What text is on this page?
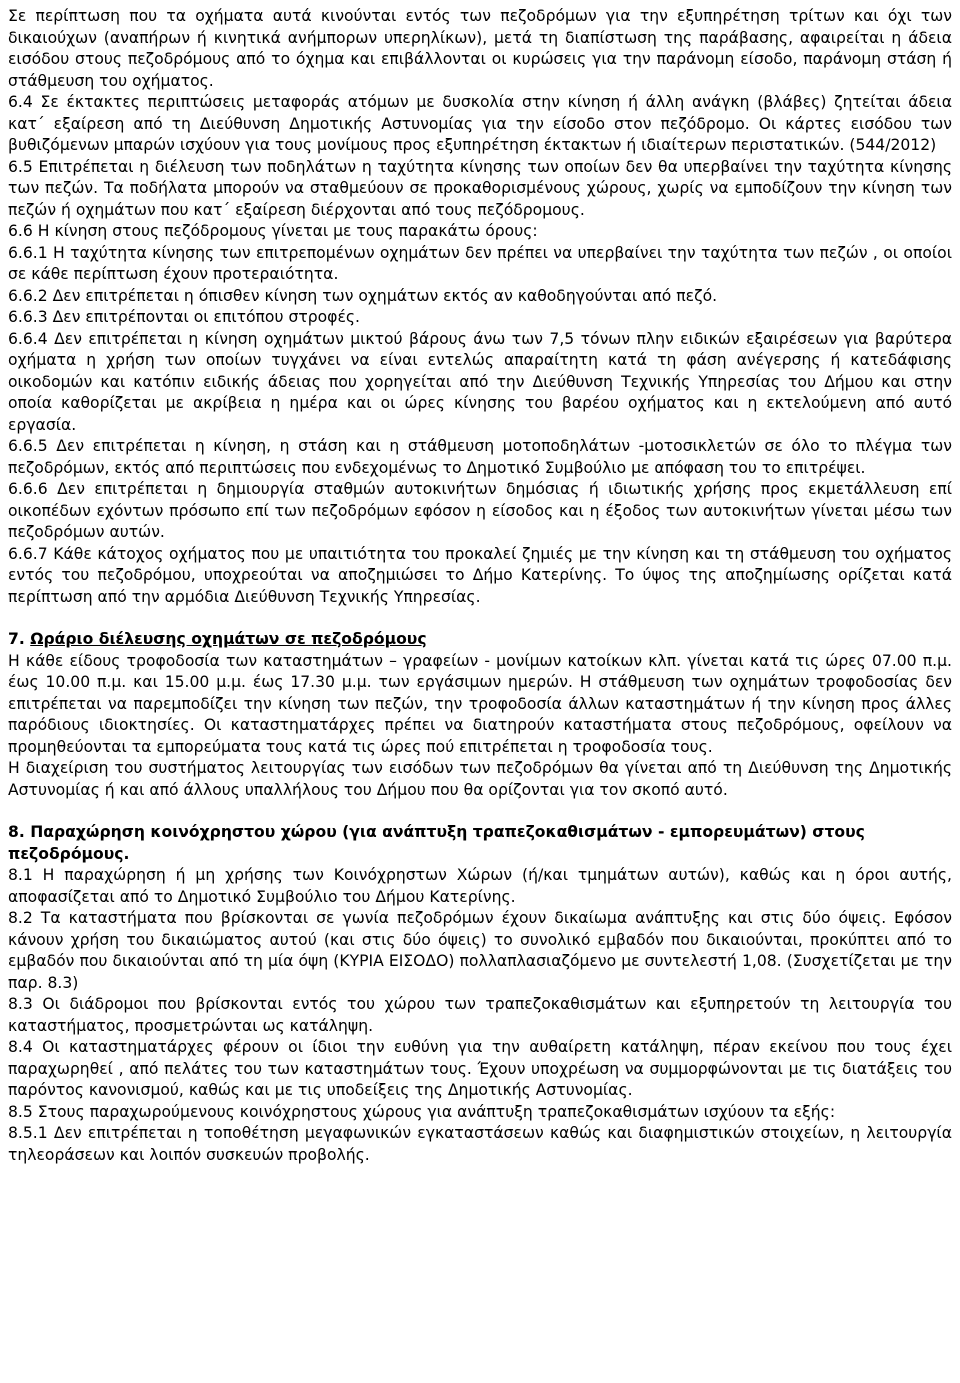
Σε περίπτωση που τα οχήματα αυτά κινούνται εντός των πεζοδρόμων για την εξυπηρέτηση τρίτων και όχι των δικαιούχων (αναπήρων ή κινητικά ανήμπορων υπερηλίκων), μετά τη διαπίστωση της παράβασης, αφαιρείται η άδεια εισόδου στους πεζοδρόμους από το όχημα και επιβάλλονται οι κυρώσεις για την παράνομη είσοδο, παράνομη στάση ή στάθμευση του οχήματος.

6.4 Σε έκτακτες περιπτώσεις μεταφοράς ατόμων με δυσκολία στην κίνηση ή άλλη ανάγκη (βλάβες) ζητείται άδεια κατ΄ εξαίρεση από τη Διεύθυνση Δημοτικής Αστυνομίας για την είσοδο στον πεζόδρομο. Οι κάρτες εισόδου των βυθιζόμενων μπαρών ισχύουν για τους μονίμους προς εξυπηρέτηση έκτακτων ή ιδιαίτερων περιστατικών. (544/2012)

6.5 Επιτρέπεται η διέλευση των ποδηλάτων η ταχύτητα κίνησης των οποίων δεν θα υπερβαίνει την ταχύτητα κίνησης των πεζών. Τα ποδήλατα μπορούν να σταθμεύουν σε προκαθορισμένους χώρους, χωρίς να εμποδίζουν την κίνηση των πεζών ή οχημάτων που κατ΄ εξαίρεση διέρχονται από τους πεζόδρομους.

6.6 Η κίνηση στους πεζόδρομους γίνεται με τους παρακάτω όρους:

6.6.1 Η ταχύτητα κίνησης των επιτρεπομένων οχημάτων δεν πρέπει να υπερβαίνει την ταχύτητα των πεζών , οι οποίοι σε κάθε περίπτωση έχουν προτεραιότητα.

6.6.2 Δεν επιτρέπεται η όπισθεν κίνηση των οχημάτων εκτός αν καθοδηγούνται από πεζό.

6.6.3 Δεν επιτρέπονται οι επιτόπου στροφές.

6.6.4 Δεν επιτρέπεται η κίνηση οχημάτων μικτού βάρους άνω των 7,5 τόνων πλην ειδικών εξαιρέσεων για βαρύτερα οχήματα η χρήση των οποίων τυγχάνει να είναι εντελώς απαραίτητη κατά τη φάση ανέγερσης ή κατεδάφισης οικοδομών και κατόπιν ειδικής άδειας που χορηγείται από την Διεύθυνση Τεχνικής Υπηρεσίας του Δήμου και στην οποία καθορίζεται με ακρίβεια η ημέρα και οι ώρες κίνησης του βαρέου οχήματος και η εκτελούμενη από αυτό εργασία.

6.6.5 Δεν επιτρέπεται η κίνηση, η στάση και η στάθμευση μοτοποδηλάτων -μοτοσικλετών σε όλο το πλέγμα των πεζοδρόμων, εκτός από περιπτώσεις που ενδεχομένως το Δημοτικό Συμβούλιο με απόφαση του το επιτρέψει.

6.6.6 Δεν επιτρέπεται η δημιουργία σταθμών αυτοκινήτων δημόσιας ή ιδιωτικής χρήσης προς εκμετάλλευση επί οικοπέδων εχόντων πρόσωπο επί των πεζοδρόμων εφόσον η είσοδος και η έξοδος των αυτοκινήτων γίνεται μέσω των πεζοδρόμων αυτών.

6.6.7 Κάθε κάτοχος οχήματος που με υπαιτιότητα του προκαλεί ζημιές με την κίνηση και τη στάθμευση του οχήματος εντός του πεζοδρόμου, υποχρεούται να αποζημιώσει το Δήμο Κατερίνης. Το ύψος της αποζημίωσης ορίζεται κατά περίπτωση από την αρμόδια Διεύθυνση Τεχνικής Υπηρεσίας.

7. Ωράριο διέλευσης οχημάτων σε πεζοδρόμους

Η κάθε είδους τροφοδοσία των καταστημάτων – γραφείων - μονίμων κατοίκων κλπ. γίνεται κατά τις ώρες 07.00 π.μ. έως 10.00 π.μ. και 15.00 μ.μ. έως 17.30 μ.μ. των εργάσιμων ημερών. Η στάθμευση των οχημάτων τροφοδοσίας δεν επιτρέπεται να παρεμποδίζει την κίνηση των πεζών, την τροφοδοσία άλλων καταστημάτων ή την κίνηση προς άλλες παρόδιους ιδιοκτησίες. Οι καταστηματάρχες πρέπει να διατηρούν καταστήματα στους πεζοδρόμους, οφείλουν να προμηθεύονται τα εμπορεύματα τους κατά τις ώρες πού επιτρέπεται η τροφοδοσία τους.

Η διαχείριση του συστήματος λειτουργίας των εισόδων των πεζοδρόμων θα γίνεται από τη Διεύθυνση της Δημοτικής Αστυνομίας ή και από άλλους υπαλλήλους του Δήμου που θα ορίζονται για τον σκοπό αυτό.

8. Παραχώρηση κοινόχρηστου χώρου (για ανάπτυξη τραπεζοκαθισμάτων - εμπορευμάτων) στους πεζοδρόμους.

8.1 Η παραχώρηση ή μη χρήσης των Κοινόχρηστων Χώρων (ή/και τμημάτων αυτών), καθώς και η όροι αυτής, αποφασίζεται από το Δημοτικό Συμβούλιο του Δήμου Κατερίνης.

8.2 Τα καταστήματα που βρίσκονται σε γωνία πεζοδρόμων έχουν δικαίωμα ανάπτυξης και στις δύο όψεις. Εφόσον κάνουν χρήση του δικαιώματος αυτού (και στις δύο όψεις) το συνολικό εμβαδόν που δικαιούνται, προκύπτει από το εμβαδόν που δικαιούνται από τη μία όψη (ΚΥΡΙΑ ΕΙΣΟΔΟ) πολλαπλασιαζόμενο με συντελεστή 1,08. (Συσχετίζεται με την παρ. 8.3)

8.3 Οι διάδρομοι που βρίσκονται εντός του χώρου των τραπεζοκαθισμάτων και εξυπηρετούν τη λειτουργία του καταστήματος, προσμετρώνται ως κατάληψη.

8.4 Οι καταστηματάρχες φέρουν οι ίδιοι την ευθύνη για την αυθαίρετη κατάληψη, πέραν εκείνου που τους έχει παραχωρηθεί , από πελάτες του των καταστημάτων τους. Έχουν υποχρέωση να συμμορφώνονται με τις διατάξεις του παρόντος κανονισμού, καθώς και με τις υποδείξεις της Δημοτικής Αστυνομίας.

8.5 Στους παραχωρούμενους κοινόχρηστους χώρους για ανάπτυξη τραπεζοκαθισμάτων ισχύουν τα εξής:

8.5.1 Δεν επιτρέπεται η τοποθέτηση μεγαφωνικών εγκαταστάσεων καθώς και διαφημιστικών στοιχείων, η λειτουργία τηλεοράσεων και λοιπόν συσκευών προβολής.
